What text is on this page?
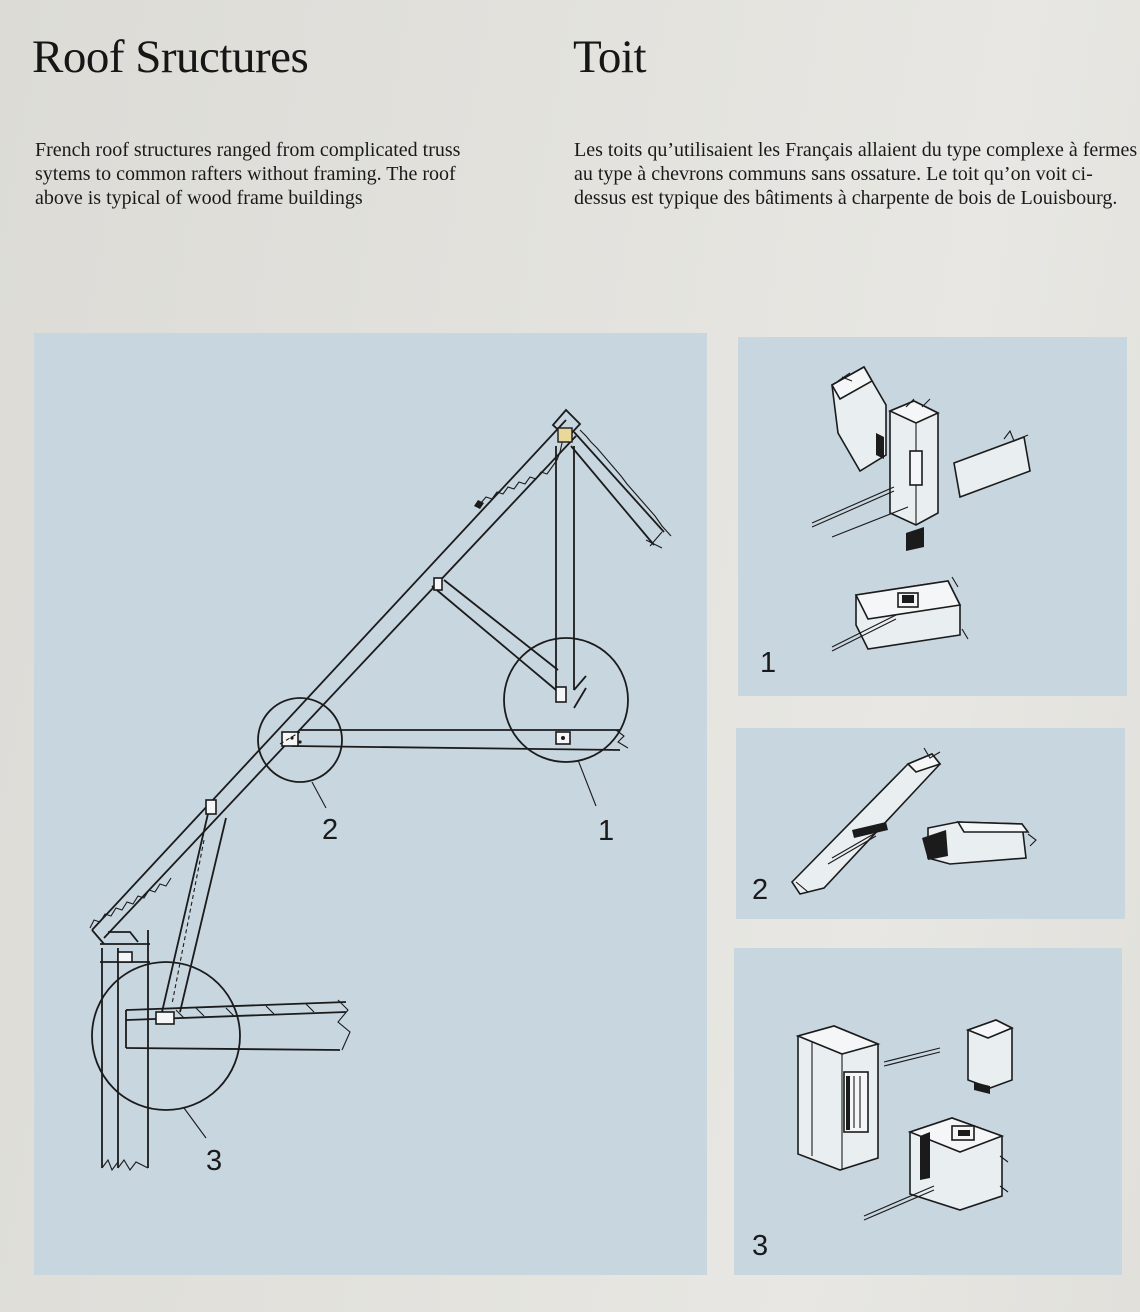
Roof Sructures	Toit

French roof structures ranged from complicated truss sytems to common rafters without framing. The roof above is typical of wood frame buildings

Les toits qu’utilisaient les Français allaient du type complexe à fermes au type à chevrons communs sans ossature. Le toit qu’on voit ci-dessus est typique des bâtiments à charpente de bois de Louisbourg.

2	1
3
1
2
3
